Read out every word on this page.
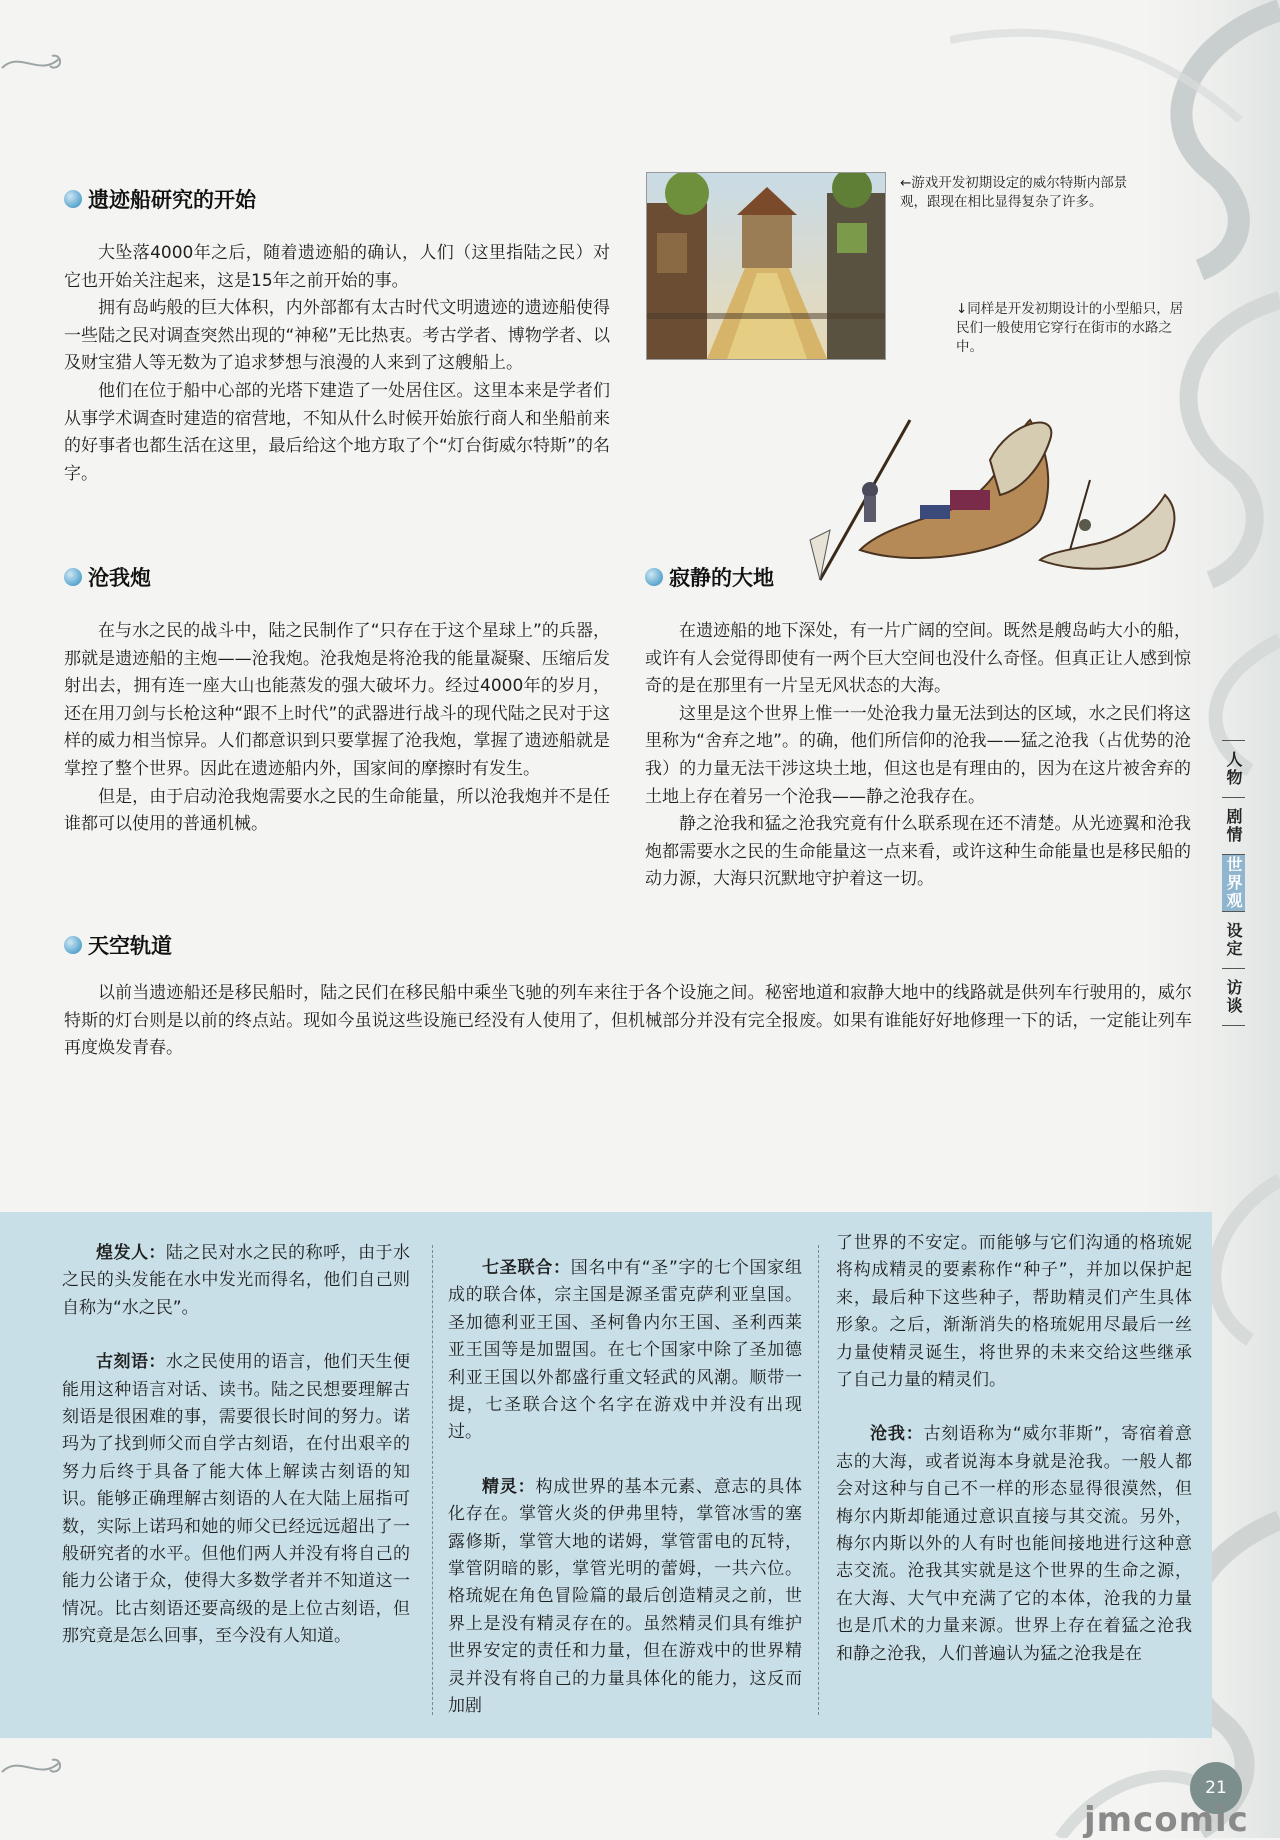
遗迹船研究的开始

大坠落4000年之后，随着遗迹船的确认，人们（这里指陆之民）对它也开始关注起来，这是15年之前开始的事。

拥有岛屿般的巨大体积，内外部都有太古时代文明遗迹的遗迹船使得一些陆之民对调查突然出现的“神秘”无比热衷。考古学者、博物学者、以及财宝猎人等无数为了追求梦想与浪漫的人来到了这艘船上。

他们在位于船中心部的光塔下建造了一处居住区。这里本来是学者们从事学术调查时建造的宿营地，不知从什么时候开始旅行商人和坐船前来的好事者也都生活在这里，最后给这个地方取了个“灯台街威尔特斯”的名字。

←游戏开发初期设定的威尔特斯内部景观，跟现在相比显得复杂了许多。
↓同样是开发初期设计的小型船只，居民们一般使用它穿行在街市的水路之中。
沧我炮

在与水之民的战斗中，陆之民制作了“只存在于这个星球上”的兵器，那就是遗迹船的主炮——沧我炮。沧我炮是将沧我的能量凝聚、压缩后发射出去，拥有连一座大山也能蒸发的强大破坏力。经过4000年的岁月，还在用刀剑与长枪这种“跟不上时代”的武器进行战斗的现代陆之民对于这样的威力相当惊异。人们都意识到只要掌握了沧我炮，掌握了遗迹船就是掌控了整个世界。因此在遗迹船内外，国家间的摩擦时有发生。

但是，由于启动沧我炮需要水之民的生命能量，所以沧我炮并不是任谁都可以使用的普通机械。

寂静的大地

在遗迹船的地下深处，有一片广阔的空间。既然是艘岛屿大小的船，或许有人会觉得即使有一两个巨大空间也没什么奇怪。但真正让人感到惊奇的是在那里有一片呈无风状态的大海。

这里是这个世界上惟一一处沧我力量无法到达的区域，水之民们将这里称为“舍弃之地”。的确，他们所信仰的沧我——猛之沧我（占优势的沧我）的力量无法干涉这块土地，但这也是有理由的，因为在这片被舍弃的土地上存在着另一个沧我——静之沧我存在。

静之沧我和猛之沧我究竟有什么联系现在还不清楚。从光迹翼和沧我炮都需要水之民的生命能量这一点来看，或许这种生命能量也是移民船的动力源，大海只沉默地守护着这一切。

人物
剧情
世界观
设定
访谈
天空轨道

以前当遗迹船还是移民船时，陆之民们在移民船中乘坐飞驰的列车来往于各个设施之间。秘密地道和寂静大地中的线路就是供列车行驶用的，威尔特斯的灯台则是以前的终点站。现如今虽说这些设施已经没有人使用了，但机械部分并没有完全报废。如果有谁能好好地修理一下的话，一定能让列车再度焕发青春。

煌发人：陆之民对水之民的称呼，由于水之民的头发能在水中发光而得名，他们自己则自称为“水之民”。

古刻语：水之民使用的语言，他们天生便能用这种语言对话、读书。陆之民想要理解古刻语是很困难的事，需要很长时间的努力。诺玛为了找到师父而自学古刻语，在付出艰辛的努力后终于具备了能大体上解读古刻语的知识。能够正确理解古刻语的人在大陆上屈指可数，实际上诺玛和她的师父已经远远超出了一般研究者的水平。但他们两人并没有将自己的能力公诸于众，使得大多数学者并不知道这一情况。比古刻语还要高级的是上位古刻语，但那究竟是怎么回事，至今没有人知道。

七圣联合：国名中有“圣”字的七个国家组成的联合体，宗主国是源圣雷克萨利亚皇国。圣加德利亚王国、圣柯鲁内尔王国、圣利西莱亚王国等是加盟国。在七个国家中除了圣加德利亚王国以外都盛行重文轻武的风潮。顺带一提，七圣联合这个名字在游戏中并没有出现过。

精灵：构成世界的基本元素、意志的具体化存在。掌管火炎的伊弗里特，掌管冰雪的塞露修斯，掌管大地的诺姆，掌管雷电的瓦特，掌管阴暗的影，掌管光明的蕾姆，一共六位。格琉妮在角色冒险篇的最后创造精灵之前，世界上是没有精灵存在的。虽然精灵们具有维护世界安定的责任和力量，但在游戏中的世界精灵并没有将自己的力量具体化的能力，这反而加剧

了世界的不安定。而能够与它们沟通的格琉妮将构成精灵的要素称作“种子”，并加以保护起来，最后种下这些种子，帮助精灵们产生具体形象。之后，渐渐消失的格琉妮用尽最后一丝力量使精灵诞生，将世界的未来交给这些继承了自己力量的精灵们。

沧我：古刻语称为“威尔菲斯”，寄宿着意志的大海，或者说海本身就是沧我。一般人都会对这种与自己不一样的形态显得很漠然，但梅尔内斯却能通过意识直接与其交流。另外，梅尔内斯以外的人有时也能间接地进行这种意志交流。沧我其实就是这个世界的生命之源，在大海、大气中充满了它的本体，沧我的力量也是爪术的力量来源。世界上存在着猛之沧我和静之沧我，人们普遍认为猛之沧我是在

21
jmcomic
